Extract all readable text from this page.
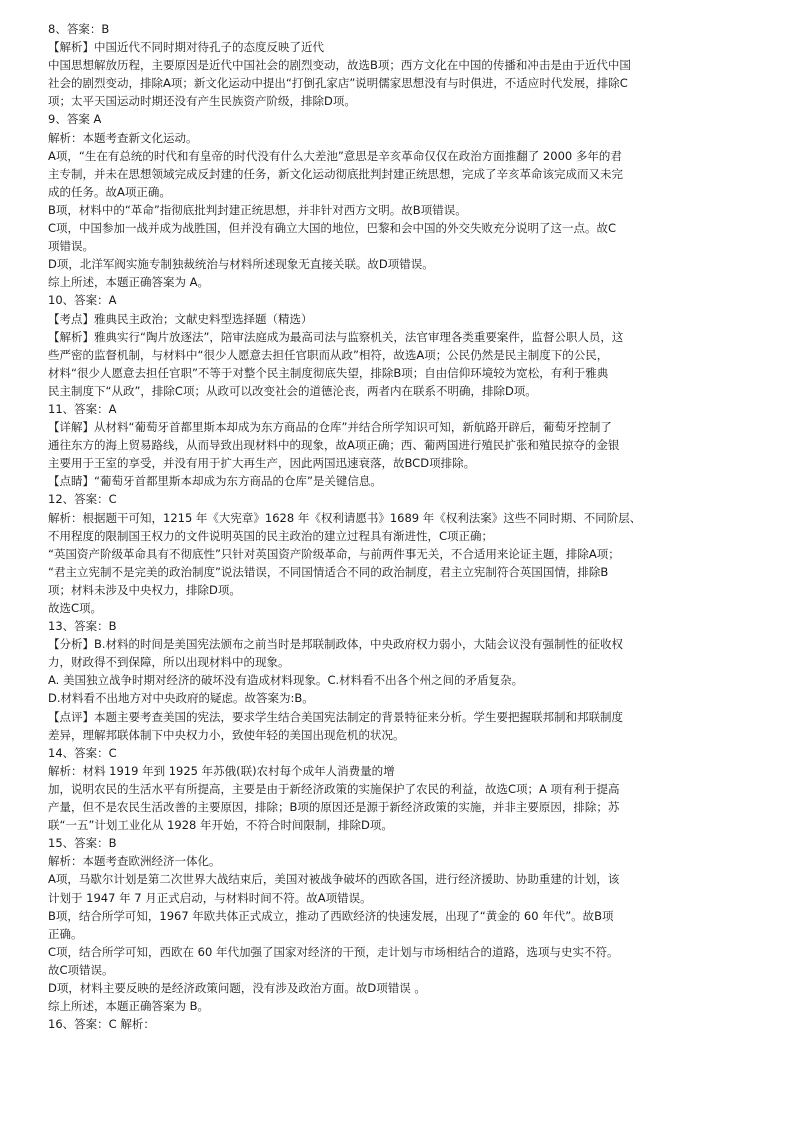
8、答案：B

【解析】中国近代不同时期对待孔子的态度反映了近代

中国思想解放历程，主要原因是近代中国社会的剧烈变动，故选B项；西方文化在中国的传播和冲击是由于近代中国

社会的剧烈变动，排除A项；新文化运动中提出“打倒孔家店”说明儒家思想没有与时俱进，不适应时代发展，排除C

项；太平天国运动时期还没有产生民族资产阶级，排除D项。

9、答案 A

解析：本题考查新文化运动。

A项，“生在有总统的时代和有皇帝的时代没有什么大差池”意思是辛亥革命仅仅在政治方面推翻了 2000 多年的君

主专制，并未在思想领域完成反封建的任务，新文化运动彻底批判封建正统思想，完成了辛亥革命该完成而又未完

成的任务。故A项正确。

B项，材料中的“革命”指彻底批判封建正统思想，并非针对西方文明。故B项错误。

C项，中国参加一战并成为战胜国，但并没有确立大国的地位，巴黎和会中国的外交失败充分说明了这一点。故C

项错误。

D项，北洋军阀实施专制独裁统治与材料所述现象无直接关联。故D项错误。

综上所述，本题正确答案为 A。

10、答案：A

【考点】雅典民主政治；文献史料型选择题（精选）

【解析】雅典实行“陶片放逐法”，陪审法庭成为最高司法与监察机关，法官审理各类重要案件，监督公职人员，这

些严密的监督机制，与材料中“很少人愿意去担任官职而从政”相符，故选A项；公民仍然是民主制度下的公民，

材料“很少人愿意去担任官职”不等于对整个民主制度彻底失望，排除B项；自由信仰环境较为宽松，有利于雅典

民主制度下“从政”，排除C项；从政可以改变社会的道德沦丧，两者内在联系不明确，排除D项。

11、答案：A

【详解】从材料“葡萄牙首都里斯本却成为东方商品的仓库”并结合所学知识可知，新航路开辟后，葡萄牙控制了

通往东方的海上贸易路线，从而导致出现材料中的现象，故A项正确；西、葡两国进行殖民扩张和殖民掠夺的金银

主要用于王室的享受，并没有用于扩大再生产，因此两国迅速衰落，故BCD项排除。

【点睛】“葡萄牙首都里斯本却成为东方商品的仓库”是关键信息。

12、答案：C

解析：根据题干可知，1215 年《大宪章》1628 年《权利请愿书》1689 年《权利法案》这些不同时期、不同阶层、

不用程度的限制国王权力的文件说明英国的民主政治的建立过程具有渐进性，C项正确；

“英国资产阶级革命具有不彻底性”只针对英国资产阶级革命，与前两件事无关，不合适用来论证主题，排除A项；

“君主立宪制不是完美的政治制度”说法错误，不同国情适合不同的政治制度，君主立宪制符合英国国情，排除B

项；材料未涉及中央权力，排除D项。

故选C项。

13、答案：B

【分析】B.材料的时间是美国宪法颁布之前当时是邦联制政体，中央政府权力弱小，大陆会议没有强制性的征收权

力，财政得不到保障，所以出现材料中的现象。

A. 美国独立战争时期对经济的破坏没有造成材料现象。C.材料看不出各个州之间的矛盾复杂。

D.材料看不出地方对中央政府的疑虑。故答案为:B。

【点评】本题主要考查美国的宪法，要求学生结合美国宪法制定的背景特征来分析。学生要把握联邦制和邦联制度

差异，理解邦联体制下中央权力小，致使年轻的美国出现危机的状况。

14、答案：C

解析：材料 1919 年到 1925 年苏俄(联)农村每个成年人消费量的增

加，说明农民的生活水平有所提高，主要是由于新经济政策的实施保护了农民的利益，故选C项；A 项有利于提高

产量，但不是农民生活改善的主要原因，排除；B项的原因还是源于新经济政策的实施，并非主要原因，排除；苏

联“一五”计划工业化从 1928 年开始，不符合时间限制，排除D项。

15、答案：B

解析：本题考查欧洲经济一体化。

A项，马歇尔计划是第二次世界大战结束后，美国对被战争破坏的西欧各国，进行经济援助、协助重建的计划，该

计划于 1947 年 7 月正式启动，与材料时间不符。故A项错误。

B项，结合所学可知，1967 年欧共体正式成立，推动了西欧经济的快速发展，出现了“黄金的 60 年代”。故B项

正确。

C项，结合所学可知，西欧在 60 年代加强了国家对经济的干预，走计划与市场相结合的道路，选项与史实不符。

故C项错误。

D项，材料主要反映的是经济政策问题，没有涉及政治方面。故D项错误 。

综上所述，本题正确答案为 B。

16、答案：C 解析：
